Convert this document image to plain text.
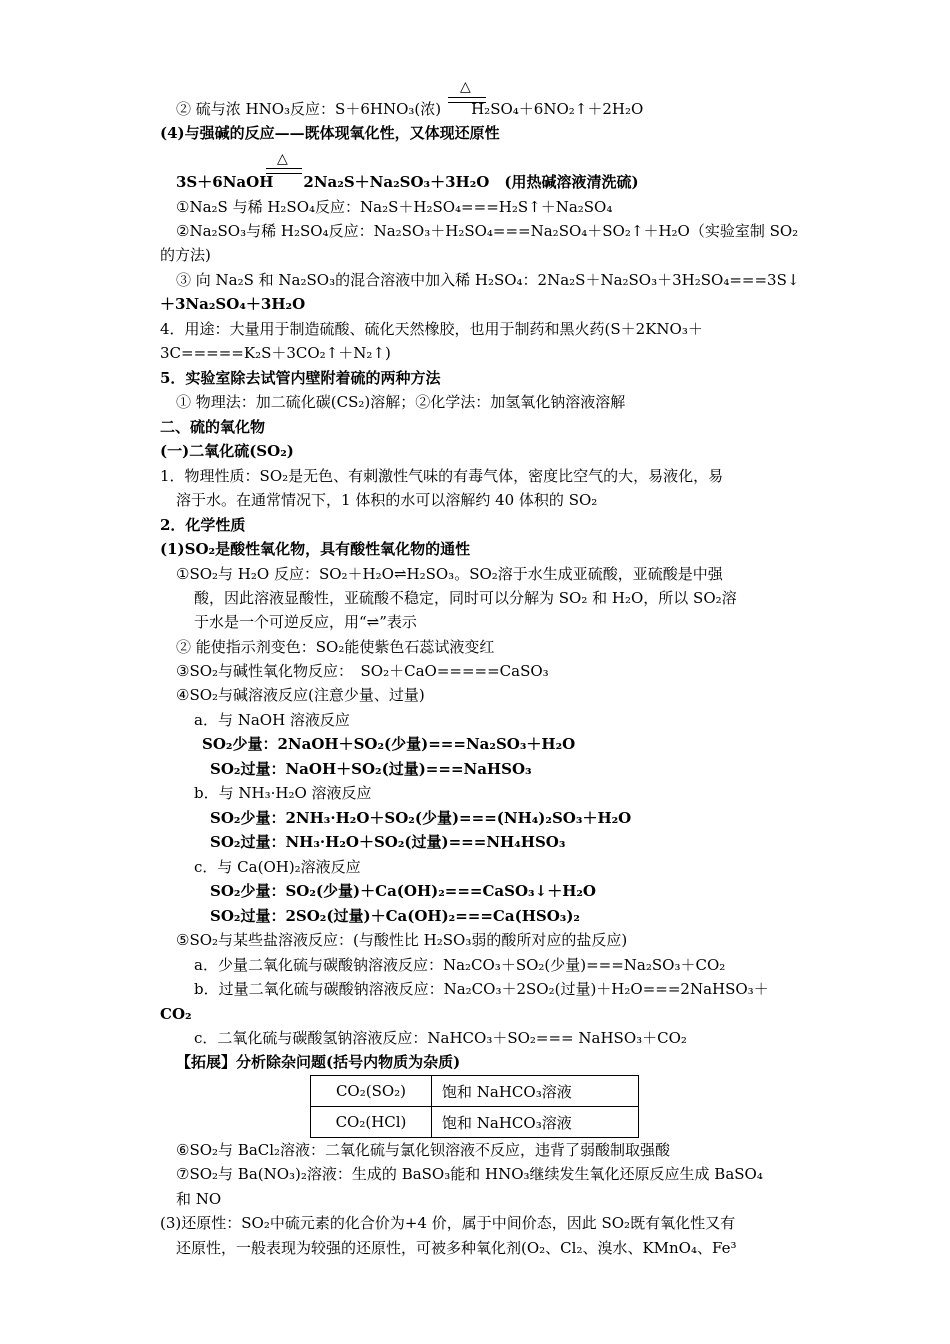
△
△
② 硫与浓 HNO₃反应：S＋6HNO₃(浓)　　H₂SO₄＋6NO₂↑＋2H₂O
(4)与强碱的反应——既体现氧化性，又体现还原性
3S＋6NaOH　　2Na₂S＋Na₂SO₃＋3H₂O　(用热碱溶液清洗硫)
①Na₂S 与稀 H₂SO₄反应：Na₂S＋H₂SO₄===H₂S↑＋Na₂SO₄
②Na₂SO₃与稀 H₂SO₄反应：Na₂SO₃＋H₂SO₄===Na₂SO₄＋SO₂↑＋H₂O（实验室制 SO₂
的方法)
③ 向 Na₂S 和 Na₂SO₃的混合溶液中加入稀 H₂SO₄：2Na₂S＋Na₂SO₃＋3H₂SO₄===3S↓
＋3Na₂SO₄＋3H₂O
4．用途：大量用于制造硫酸、硫化天然橡胶，也用于制药和黑火药(S＋2KNO₃＋
3C=====K₂S＋3CO₂↑＋N₂↑)
5．实验室除去试管内壁附着硫的两种方法
① 物理法：加二硫化碳(CS₂)溶解；②化学法：加氢氧化钠溶液溶解
二、硫的氧化物
(一)二氧化硫(SO₂)
1．物理性质：SO₂是无色、有刺激性气味的有毒气体，密度比空气的大，易液化，易
溶于水。在通常情况下，1 体积的水可以溶解约 40 体积的 SO₂
2．化学性质
(1)SO₂是酸性氧化物，具有酸性氧化物的通性
①SO₂与 H₂O 反应：SO₂＋H₂O⇌H₂SO₃。SO₂溶于水生成亚硫酸，亚硫酸是中强
酸，因此溶液显酸性，亚硫酸不稳定，同时可以分解为 SO₂ 和 H₂O，所以 SO₂溶
于水是一个可逆反应，用“⇌”表示
② 能使指示剂变色：SO₂能使紫色石蕊试液变红
③SO₂与碱性氧化物反应：　SO₂＋CaO=====CaSO₃
④SO₂与碱溶液反应(注意少量、过量)
a．与 NaOH 溶液反应
SO₂少量：2NaOH＋SO₂(少量)===Na₂SO₃＋H₂O
SO₂过量：NaOH＋SO₂(过量)===NaHSO₃
b．与 NH₃·H₂O 溶液反应
SO₂少量：2NH₃·H₂O＋SO₂(少量)===(NH₄)₂SO₃＋H₂O
SO₂过量：NH₃·H₂O＋SO₂(过量)===NH₄HSO₃
c．与 Ca(OH)₂溶液反应
SO₂少量：SO₂(少量)＋Ca(OH)₂===CaSO₃↓＋H₂O
SO₂过量：2SO₂(过量)＋Ca(OH)₂===Ca(HSO₃)₂
⑤SO₂与某些盐溶液反应：(与酸性比 H₂SO₃弱的酸所对应的盐反应)
a．少量二氧化硫与碳酸钠溶液反应：Na₂CO₃＋SO₂(少量)===Na₂SO₃＋CO₂
b．过量二氧化硫与碳酸钠溶液反应：Na₂CO₃＋2SO₂(过量)＋H₂O===2NaHSO₃＋
CO₂
c．二氧化硫与碳酸氢钠溶液反应：NaHCO₃＋SO₂=== NaHSO₃＋CO₂
【拓展】分析除杂问题(括号内物质为杂质)
CO₂(SO₂)	饱和 NaHCO₃溶液
CO₂(HCl)	饱和 NaHCO₃溶液
⑥SO₂与 BaCl₂溶液：二氧化硫与氯化钡溶液不反应，违背了弱酸制取强酸
⑦SO₂与 Ba(NO₃)₂溶液：生成的 BaSO₃能和 HNO₃继续发生氧化还原反应生成 BaSO₄
和 NO
(3)还原性：SO₂中硫元素的化合价为+4 价，属于中间价态，因此 SO₂既有氧化性又有
还原性，一般表现为较强的还原性，可被多种氧化剂(O₂、Cl₂、溴水、KMnO₄、Fe³
